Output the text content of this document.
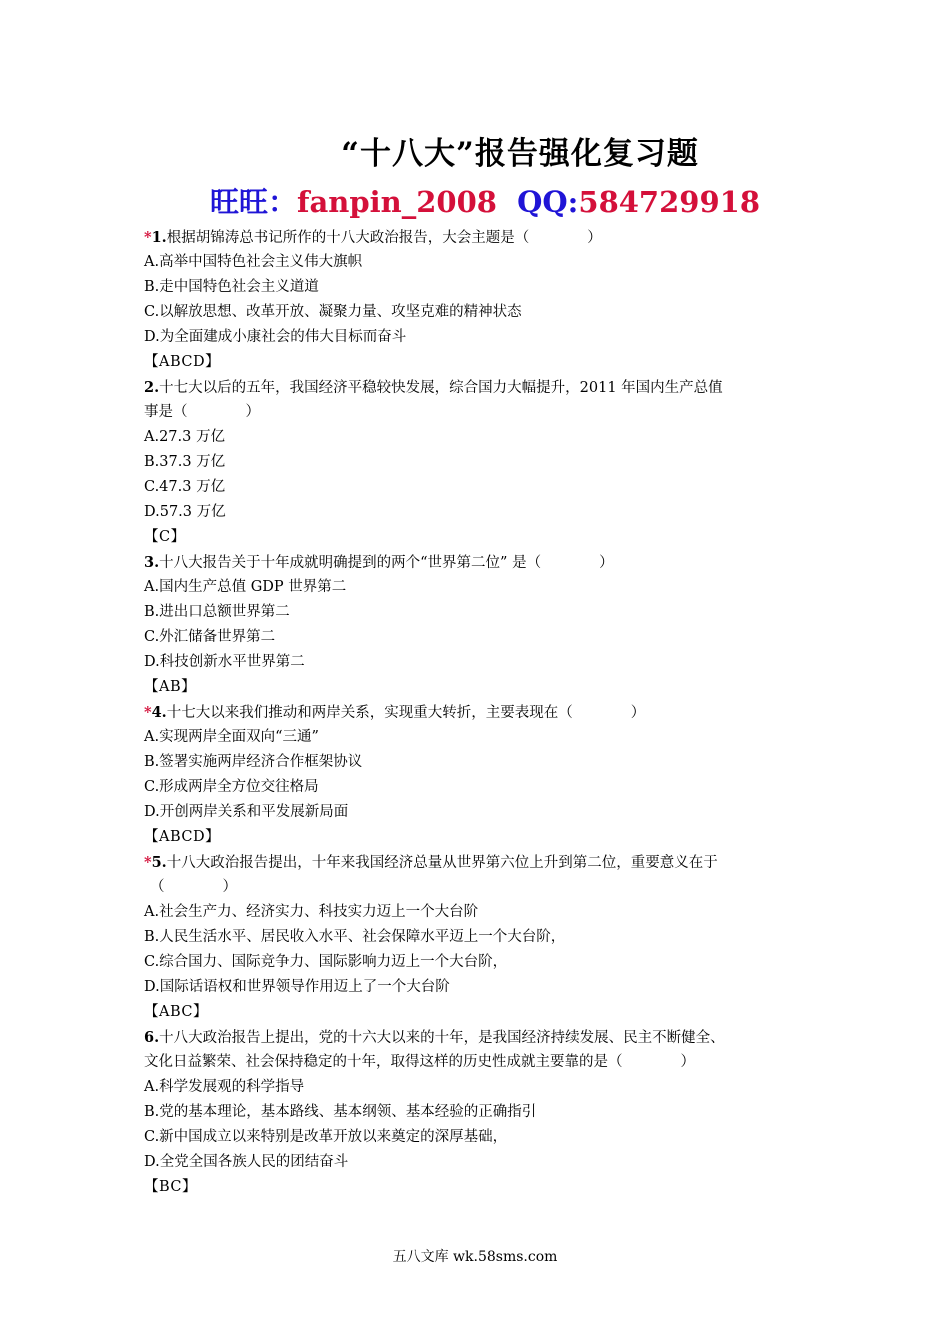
“十八大”报告强化复习题
旺旺：fanpin_2008 QQ:584729918
*1.根据胡锦涛总书记所作的十八大政治报告，大会主题是（　　　　）
A.高举中国特色社会主义伟大旗帜
B.走中国特色社会主义道道
C.以解放思想、改革开放、凝聚力量、攻坚克难的精神状态
D.为全面建成小康社会的伟大目标而奋斗
【ABCD】
2.十七大以后的五年，我国经济平稳较快发展，综合国力大幅提升，2011 年国内生产总值
事是（　　　　）
A.27.3 万亿
B.37.3 万亿
C.47.3 万亿
D.57.3 万亿
【C】
3.十八大报告关于十年成就明确提到的两个“世界第二位” 是（　　　　）
A.国内生产总值 GDP 世界第二
B.进出口总额世界第二
C.外汇储备世界第二
D.科技创新水平世界第二
【AB】
*4.十七大以来我们推动和两岸关系，实现重大转折，主要表现在（　　　　）
A.实现两岸全面双向“三通”
B.签署实施两岸经济合作框架协议
C.形成两岸全方位交往格局
D.开创两岸关系和平发展新局面
【ABCD】
*5.十八大政治报告提出，十年来我国经济总量从世界第六位上升到第二位，重要意义在于
（　　　　）
A.社会生产力、经济实力、科技实力迈上一个大台阶
B.人民生活水平、居民收入水平、社会保障水平迈上一个大台阶，
C.综合国力、国际竞争力、国际影响力迈上一个大台阶，
D.国际话语权和世界领导作用迈上了一个大台阶
【ABC】
6.十八大政治报告上提出，党的十六大以来的十年，是我国经济持续发展、民主不断健全、
文化日益繁荣、社会保持稳定的十年，取得这样的历史性成就主要靠的是（　　　　）
A.科学发展观的科学指导
B.党的基本理论，基本路线、基本纲领、基本经验的正确指引
C.新中国成立以来特别是改革开放以来奠定的深厚基础，
D.全党全国各族人民的团结奋斗
【BC】
五八文库 wk.58sms.com
